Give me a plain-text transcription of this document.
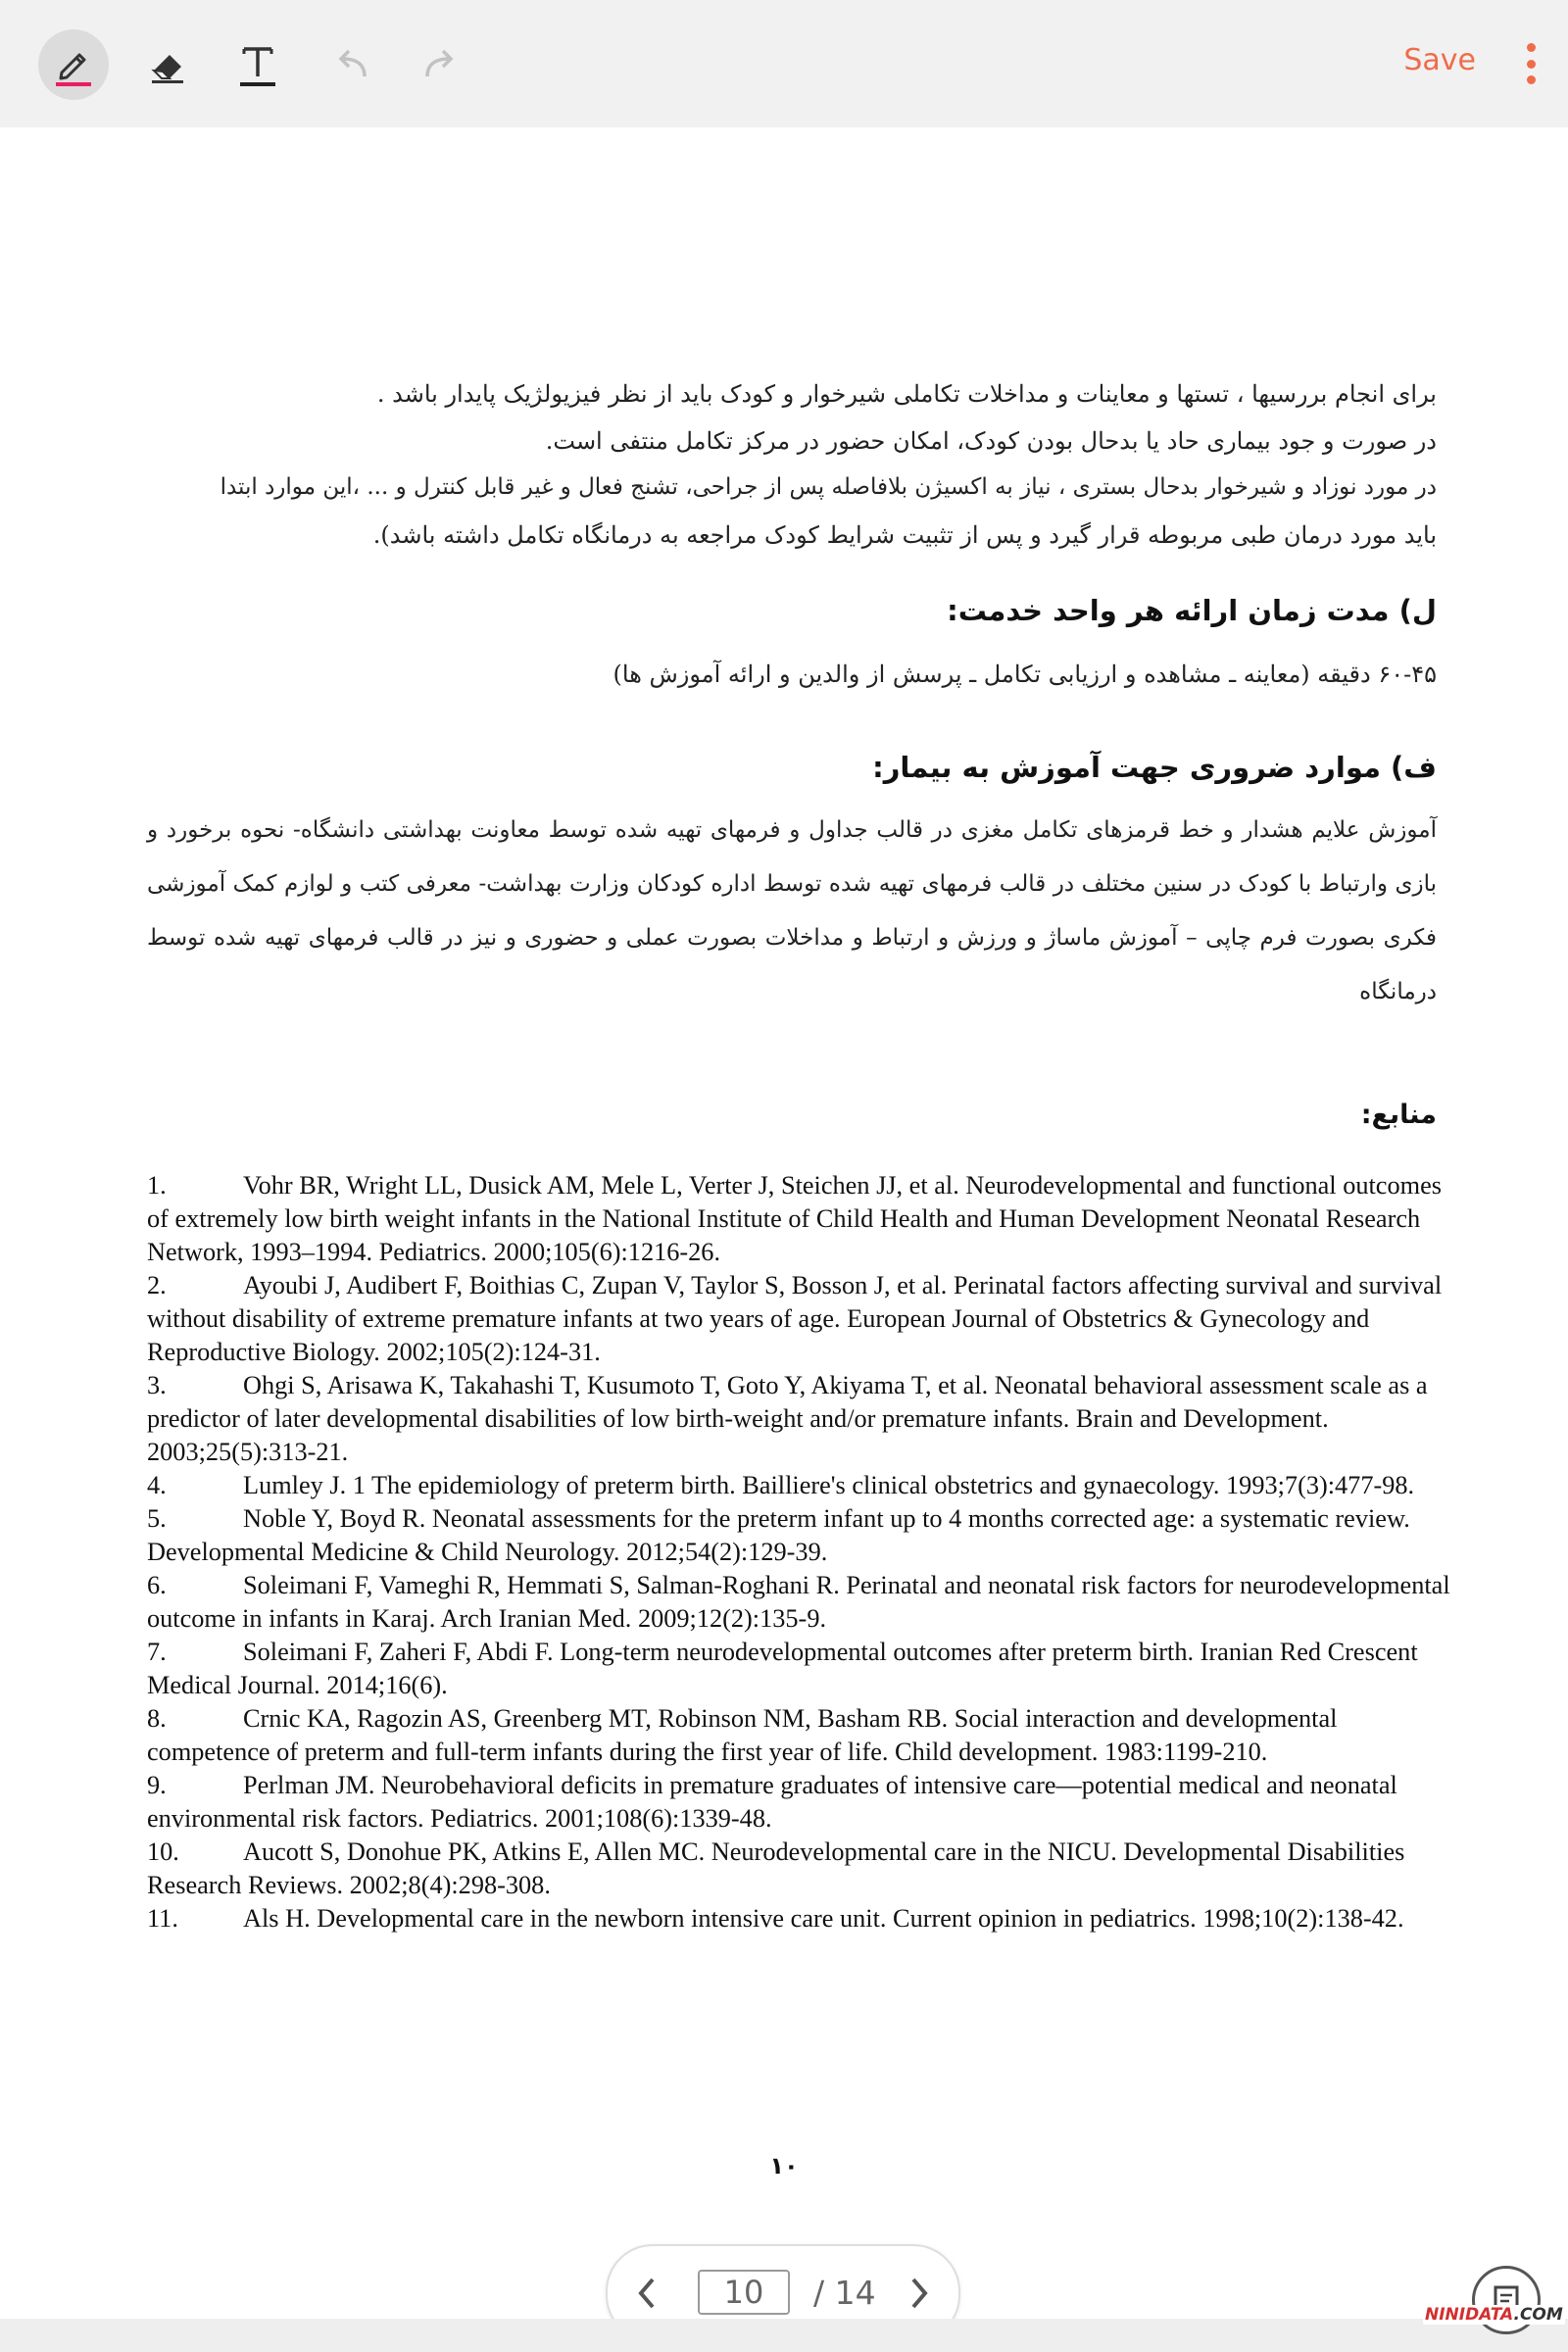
Save
برای انجام بررسیها ، تستها و معاینات و مداخلات تکاملی شیرخوار و کودک باید از نظر فیزیولژیک پایدار باشد .
در صورت و جود بیماری حاد یا بدحال بودن کودک، امکان حضور در مرکز تکامل منتفی است.
در مورد نوزاد و شیرخوار بدحال بستری ، نیاز به اکسیژن بلافاصله پس از جراحی، تشنج فعال و غیر قابل کنترل و ... ،این موارد ابتدا
باید مورد درمان طبی مربوطه قرار گیرد و پس از تثبیت شرایط کودک مراجعه به درمانگاه تکامل داشته باشد).
ل) مدت زمان ارائه هر واحد خدمت:
۶۰-۴۵ دقیقه (معاینه ـ مشاهده و ارزیابی تکامل ـ پرسش از والدین و ارائه آموزش ها)
ف) موارد ضروری جهت آموزش به بیمار:
آموزش علایم هشدار و خط قرمزهای تکامل مغزی در قالب جداول و فرمهای تهیه شده توسط معاونت بهداشتی دانشگاه- نحوه برخورد و بازی وارتباط با کودک در سنین مختلف در قالب فرمهای تهیه شده توسط اداره کودکان وزارت بهداشت- معرفی کتب و لوازم کمک آموزشی فکری بصورت فرم چاپی – آموزش ماساژ و ورزش و ارتباط و مداخلات بصورت عملی و حضوری و نیز در قالب فرمهای تهیه شده توسط درمانگاه
منابع:
1.	Vohr BR, Wright LL, Dusick AM, Mele L, Verter J, Steichen JJ, et al. Neurodevelopmental and functional outcomes of extremely low birth weight infants in the National Institute of Child Health and Human Development Neonatal Research Network, 1993–1994. Pediatrics. 2000;105(6):1216-26.
2.	Ayoubi J, Audibert F, Boithias C, Zupan V, Taylor S, Bosson J, et al. Perinatal factors affecting survival and survival without disability of extreme premature infants at two years of age. European Journal of Obstetrics & Gynecology and Reproductive Biology. 2002;105(2):124-31.
3.	Ohgi S, Arisawa K, Takahashi T, Kusumoto T, Goto Y, Akiyama T, et al. Neonatal behavioral assessment scale as a predictor of later developmental disabilities of low birth-weight and/or premature infants. Brain and Development. 2003;25(5):313-21.
4.	Lumley J. 1 The epidemiology of preterm birth. Bailliere's clinical obstetrics and gynaecology. 1993;7(3):477-98.
5.	Noble Y, Boyd R. Neonatal assessments for the preterm infant up to 4 months corrected age: a systematic review. Developmental Medicine & Child Neurology. 2012;54(2):129-39.
6.	Soleimani F, Vameghi R, Hemmati S, Salman-Roghani R. Perinatal and neonatal risk factors for neurodevelopmental outcome in infants in Karaj. Arch Iranian Med. 2009;12(2):135-9.
7.	Soleimani F, Zaheri F, Abdi F. Long-term neurodevelopmental outcomes after preterm birth. Iranian Red Crescent Medical Journal. 2014;16(6).
8.	Crnic KA, Ragozin AS, Greenberg MT, Robinson NM, Basham RB. Social interaction and developmental competence of preterm and full-term infants during the first year of life. Child development. 1983:1199-210.
9.	Perlman JM. Neurobehavioral deficits in premature graduates of intensive care—potential medical and neonatal environmental risk factors. Pediatrics. 2001;108(6):1339-48.
10. Aucott S, Donohue PK, Atkins E, Allen MC. Neurodevelopmental care in the NICU. Developmental Disabilities Research Reviews. 2002;8(4):298-308.
11.	Als H. Developmental care in the newborn intensive care unit. Current opinion in pediatrics. 1998;10(2):138-42.
۱۰
10
/ 14
NINIDATA.COM
